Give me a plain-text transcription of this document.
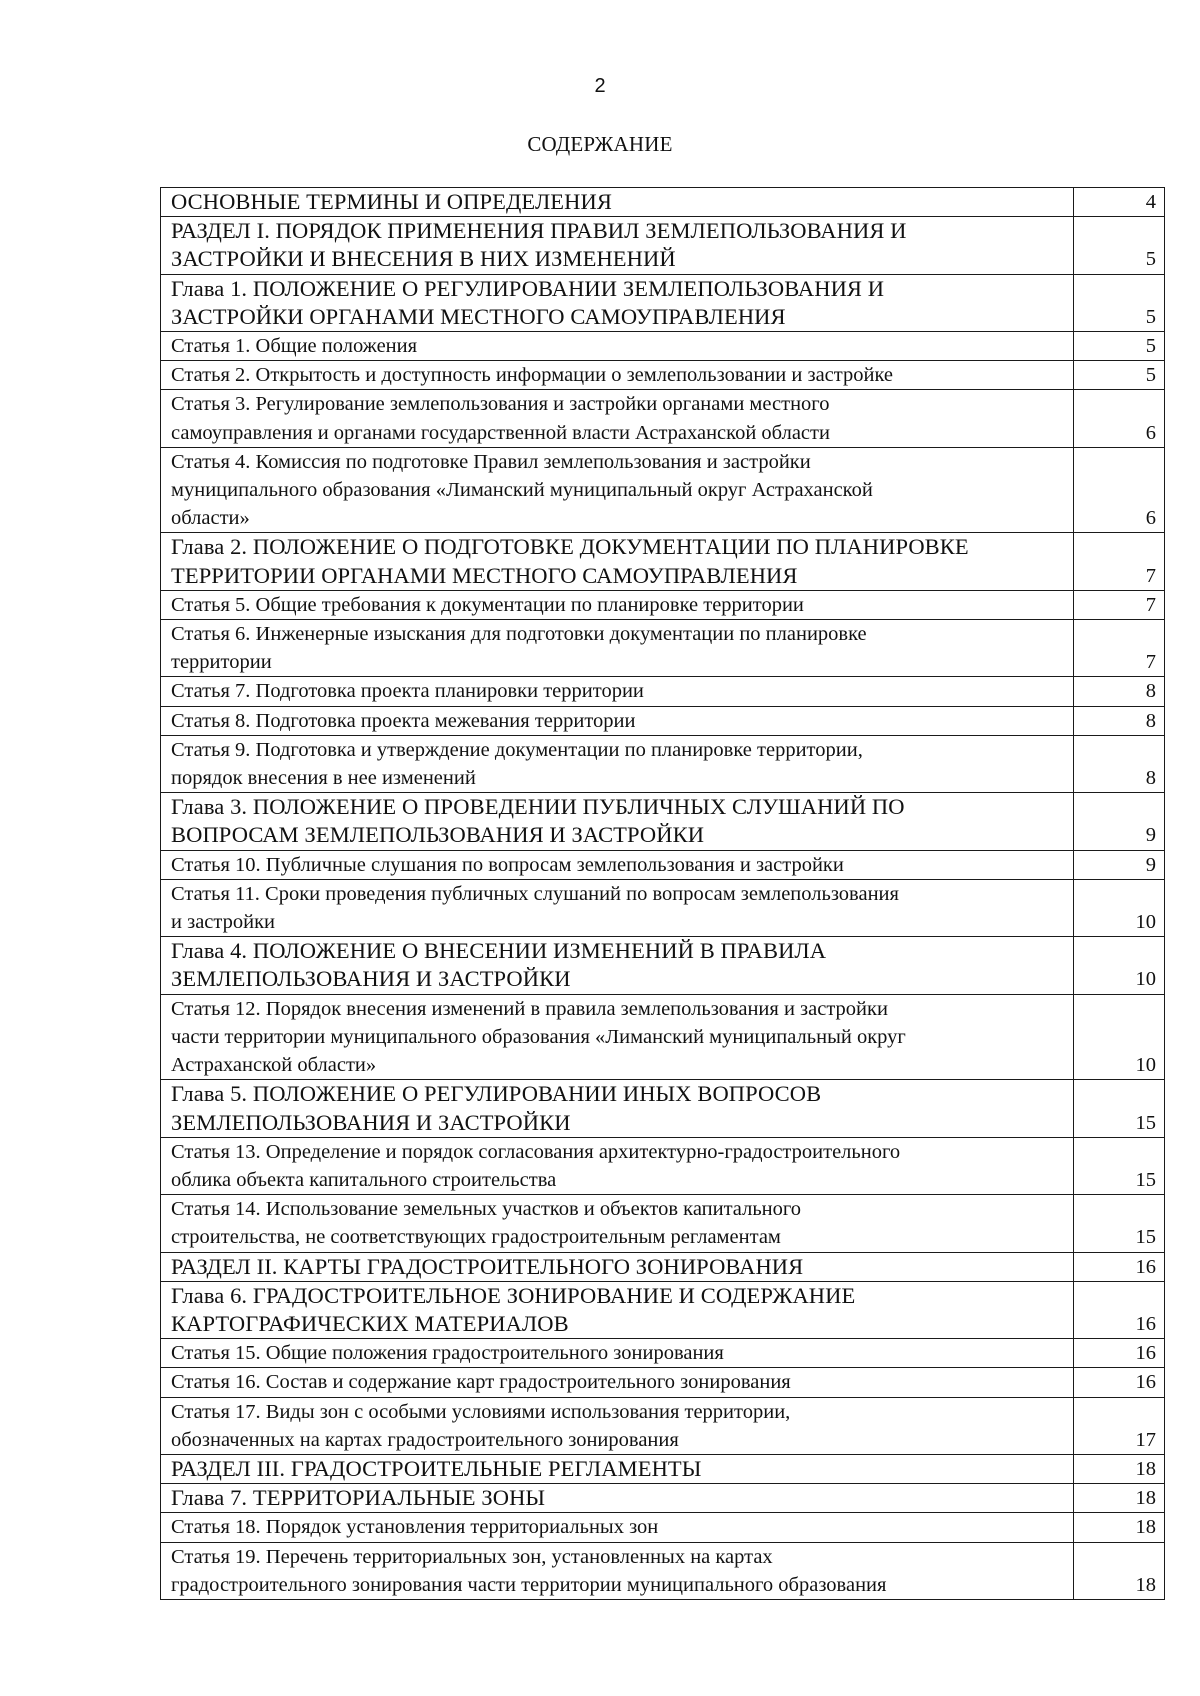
2
СОДЕРЖАНИЕ
ОСНОВНЫЕ ТЕРМИНЫ И ОПРЕДЕЛЕНИЯ	4

РАЗДЕЛ I. ПОРЯДОК ПРИМЕНЕНИЯ ПРАВИЛ ЗЕМЛЕПОЛЬЗОВАНИЯ И
ЗАСТРОЙКИ И ВНЕСЕНИЯ В НИХ ИЗМЕНЕНИЙ	5

Глава 1. ПОЛОЖЕНИЕ О РЕГУЛИРОВАНИИ ЗЕМЛЕПОЛЬЗОВАНИЯ И
ЗАСТРОЙКИ ОРГАНАМИ МЕСТНОГО САМОУПРАВЛЕНИЯ	5

Статья 1. Общие положения	5

Статья 2. Открытость и доступность информации о землепользовании и застройке	5

Статья 3. Регулирование землепользования и застройки органами местного
самоуправления и органами государственной власти Астраханской области	6

Статья 4. Комиссия по подготовке Правил землепользования и застройки
муниципального образования «Лиманский муниципальный округ Астраханской
области»	6

Глава 2. ПОЛОЖЕНИЕ О ПОДГОТОВКЕ ДОКУМЕНТАЦИИ ПО ПЛАНИРОВКЕ
ТЕРРИТОРИИ ОРГАНАМИ МЕСТНОГО САМОУПРАВЛЕНИЯ	7

Статья 5. Общие требования к документации по планировке территории	7

Статья 6. Инженерные изыскания для подготовки документации по планировке
территории	7

Статья 7. Подготовка проекта планировки территории	8

Статья 8. Подготовка проекта межевания территории	8

Статья 9. Подготовка и утверждение документации по планировке территории,
порядок внесения в нее изменений	8

Глава 3. ПОЛОЖЕНИЕ О ПРОВЕДЕНИИ ПУБЛИЧНЫХ СЛУШАНИЙ ПО
ВОПРОСАМ ЗЕМЛЕПОЛЬЗОВАНИЯ И ЗАСТРОЙКИ	9

Статья 10. Публичные слушания по вопросам землепользования и застройки	9

Статья 11. Сроки проведения публичных слушаний по вопросам землепользования
и застройки	10

Глава 4. ПОЛОЖЕНИЕ О ВНЕСЕНИИ ИЗМЕНЕНИЙ В ПРАВИЛА
ЗЕМЛЕПОЛЬЗОВАНИЯ И ЗАСТРОЙКИ	10

Статья 12. Порядок внесения изменений в правила землепользования и застройки
части территории муниципального образования «Лиманский муниципальный округ
Астраханской области»	10

Глава 5. ПОЛОЖЕНИЕ О РЕГУЛИРОВАНИИ ИНЫХ ВОПРОСОВ
ЗЕМЛЕПОЛЬЗОВАНИЯ И ЗАСТРОЙКИ	15

Статья 13. Определение и порядок согласования архитектурно-градостроительного
облика объекта капитального строительства	15

Статья 14. Использование земельных участков и объектов капитального
строительства, не соответствующих градостроительным регламентам	15

РАЗДЕЛ II. КАРТЫ ГРАДОСТРОИТЕЛЬНОГО ЗОНИРОВАНИЯ	16

Глава 6. ГРАДОСТРОИТЕЛЬНОЕ ЗОНИРОВАНИЕ И СОДЕРЖАНИЕ
КАРТОГРАФИЧЕСКИХ МАТЕРИАЛОВ	16

Статья 15. Общие положения градостроительного зонирования	16

Статья 16. Состав и содержание карт градостроительного зонирования	16

Статья 17. Виды зон с особыми условиями использования территории,
обозначенных на картах градостроительного зонирования	17

РАЗДЕЛ III. ГРАДОСТРОИТЕЛЬНЫЕ РЕГЛАМЕНТЫ	18

Глава 7. ТЕРРИТОРИАЛЬНЫЕ ЗОНЫ	18

Статья 18. Порядок установления территориальных зон	18

Статья 19. Перечень территориальных зон, установленных на картах
градостроительного зонирования части территории муниципального образования	18
